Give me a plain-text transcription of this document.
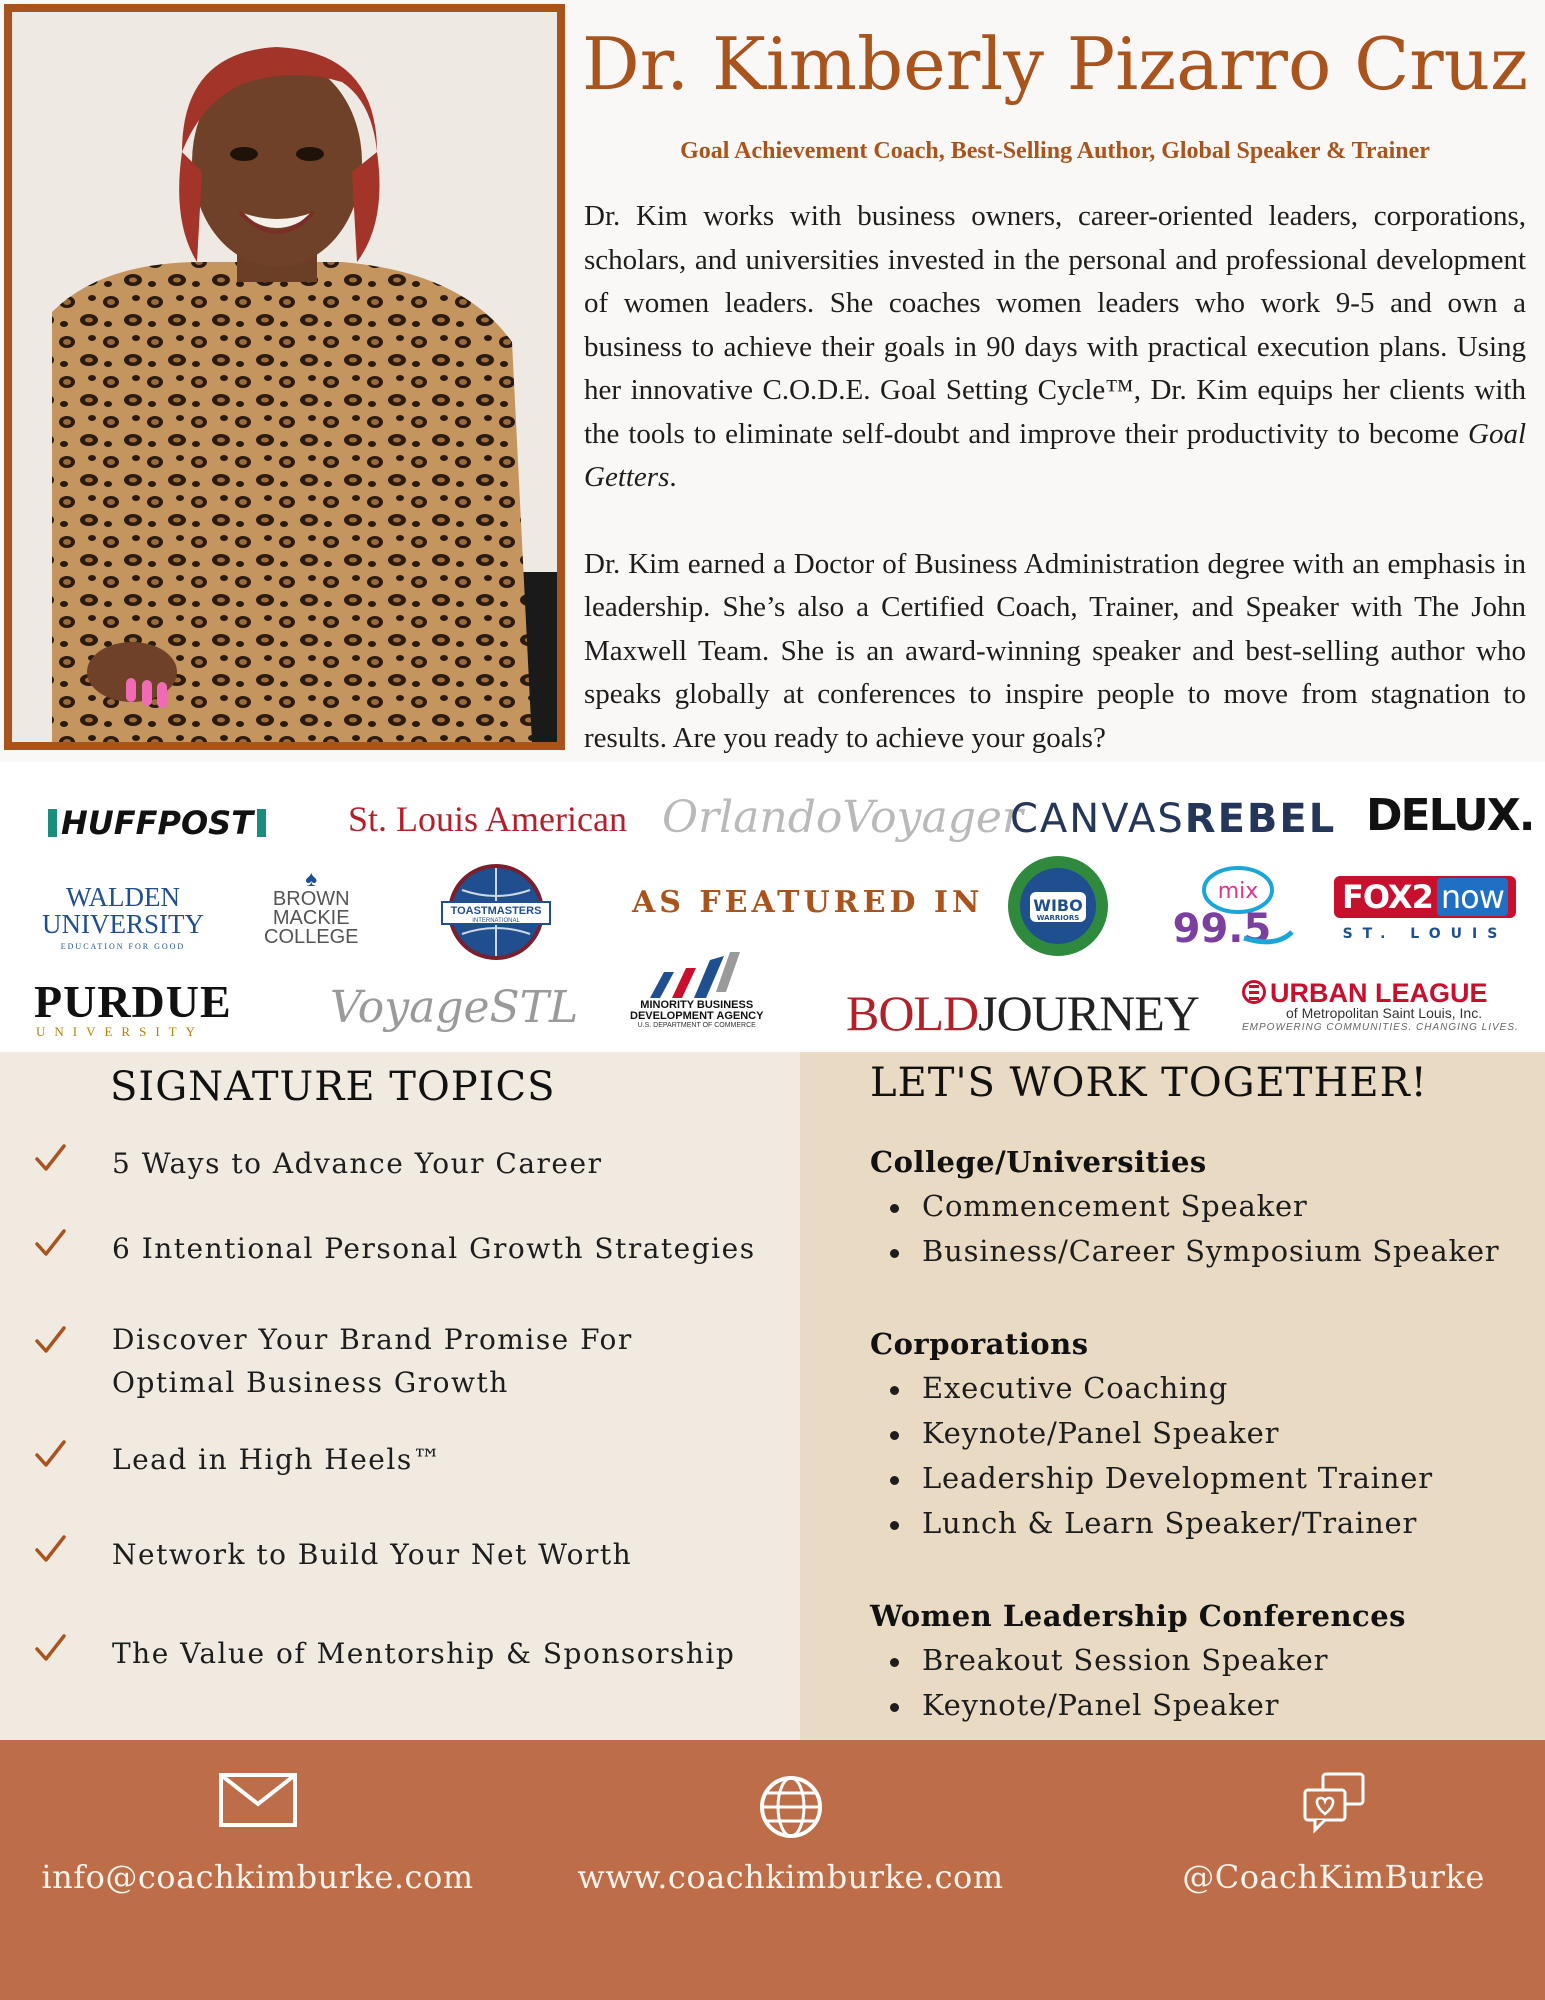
Dr. Kimberly Pizarro Cruz
Goal Achievement Coach, Best-Selling Author, Global Speaker & Trainer

Dr. Kim works with business owners, career-oriented leaders, corporations, scholars, and universities invested in the personal and professional development of women leaders. She coaches women leaders who work 9-5 and own a business to achieve their goals in 90 days with practical execution plans. Using her innovative C.O.D.E. Goal Setting Cycle™, Dr. Kim equips her clients with the tools to eliminate self-doubt and improve their productivity to become Goal Getters.

Dr. Kim earned a Doctor of Business Administration degree with an emphasis in leadership. She’s also a Certified Coach, Trainer, and Speaker with The John Maxwell Team. She is an award-winning speaker and best-selling author who speaks globally at conferences to inspire people to move from stagnation to results. Are you ready to achieve your goals?

HUFFPOST	St. Louis American OrlandoVoyager
CANVASREBEL DELUX.
WALDEN
UNIVERSITY
EDUCATION FOR GOOD
♠
BROWN
MACKIE
COLLEGE
TOASTMASTERS
INTERNATIONAL
AS FEATURED IN	WIBO
WARRIORS
mix
99.5
FOX2 now
ST. LOUIS
PURDUE
UNIVERSITY	VoyageSTL	MINORITY BUSINESS
DEVELOPMENT AGENCY
U.S. DEPARTMENT OF COMMERCE BOLDJOURNEY	URBAN LEAGUE
of Metropolitan Saint Louis, Inc.
EMPOWERING COMMUNITIES. CHANGING LIVES.
SIGNATURE TOPICS
5 Ways to Advance Your Career
6 Intentional Personal Growth Strategies
Discover Your Brand Promise For Optimal Business Growth
Lead in High Heels™
Network to Build Your Net Worth
The Value of Mentorship & Sponsorship
LET'S WORK TOGETHER!
College/Universities
Commencement Speaker
Business/Career Symposium Speaker
Corporations
Executive Coaching
Keynote/Panel Speaker
Leadership Development Trainer
Lunch & Learn Speaker/Trainer
Women Leadership Conferences
Breakout Session Speaker
Keynote/Panel Speaker
info@coachkimburke.com	www.coachkimburke.com	@CoachKimBurke
